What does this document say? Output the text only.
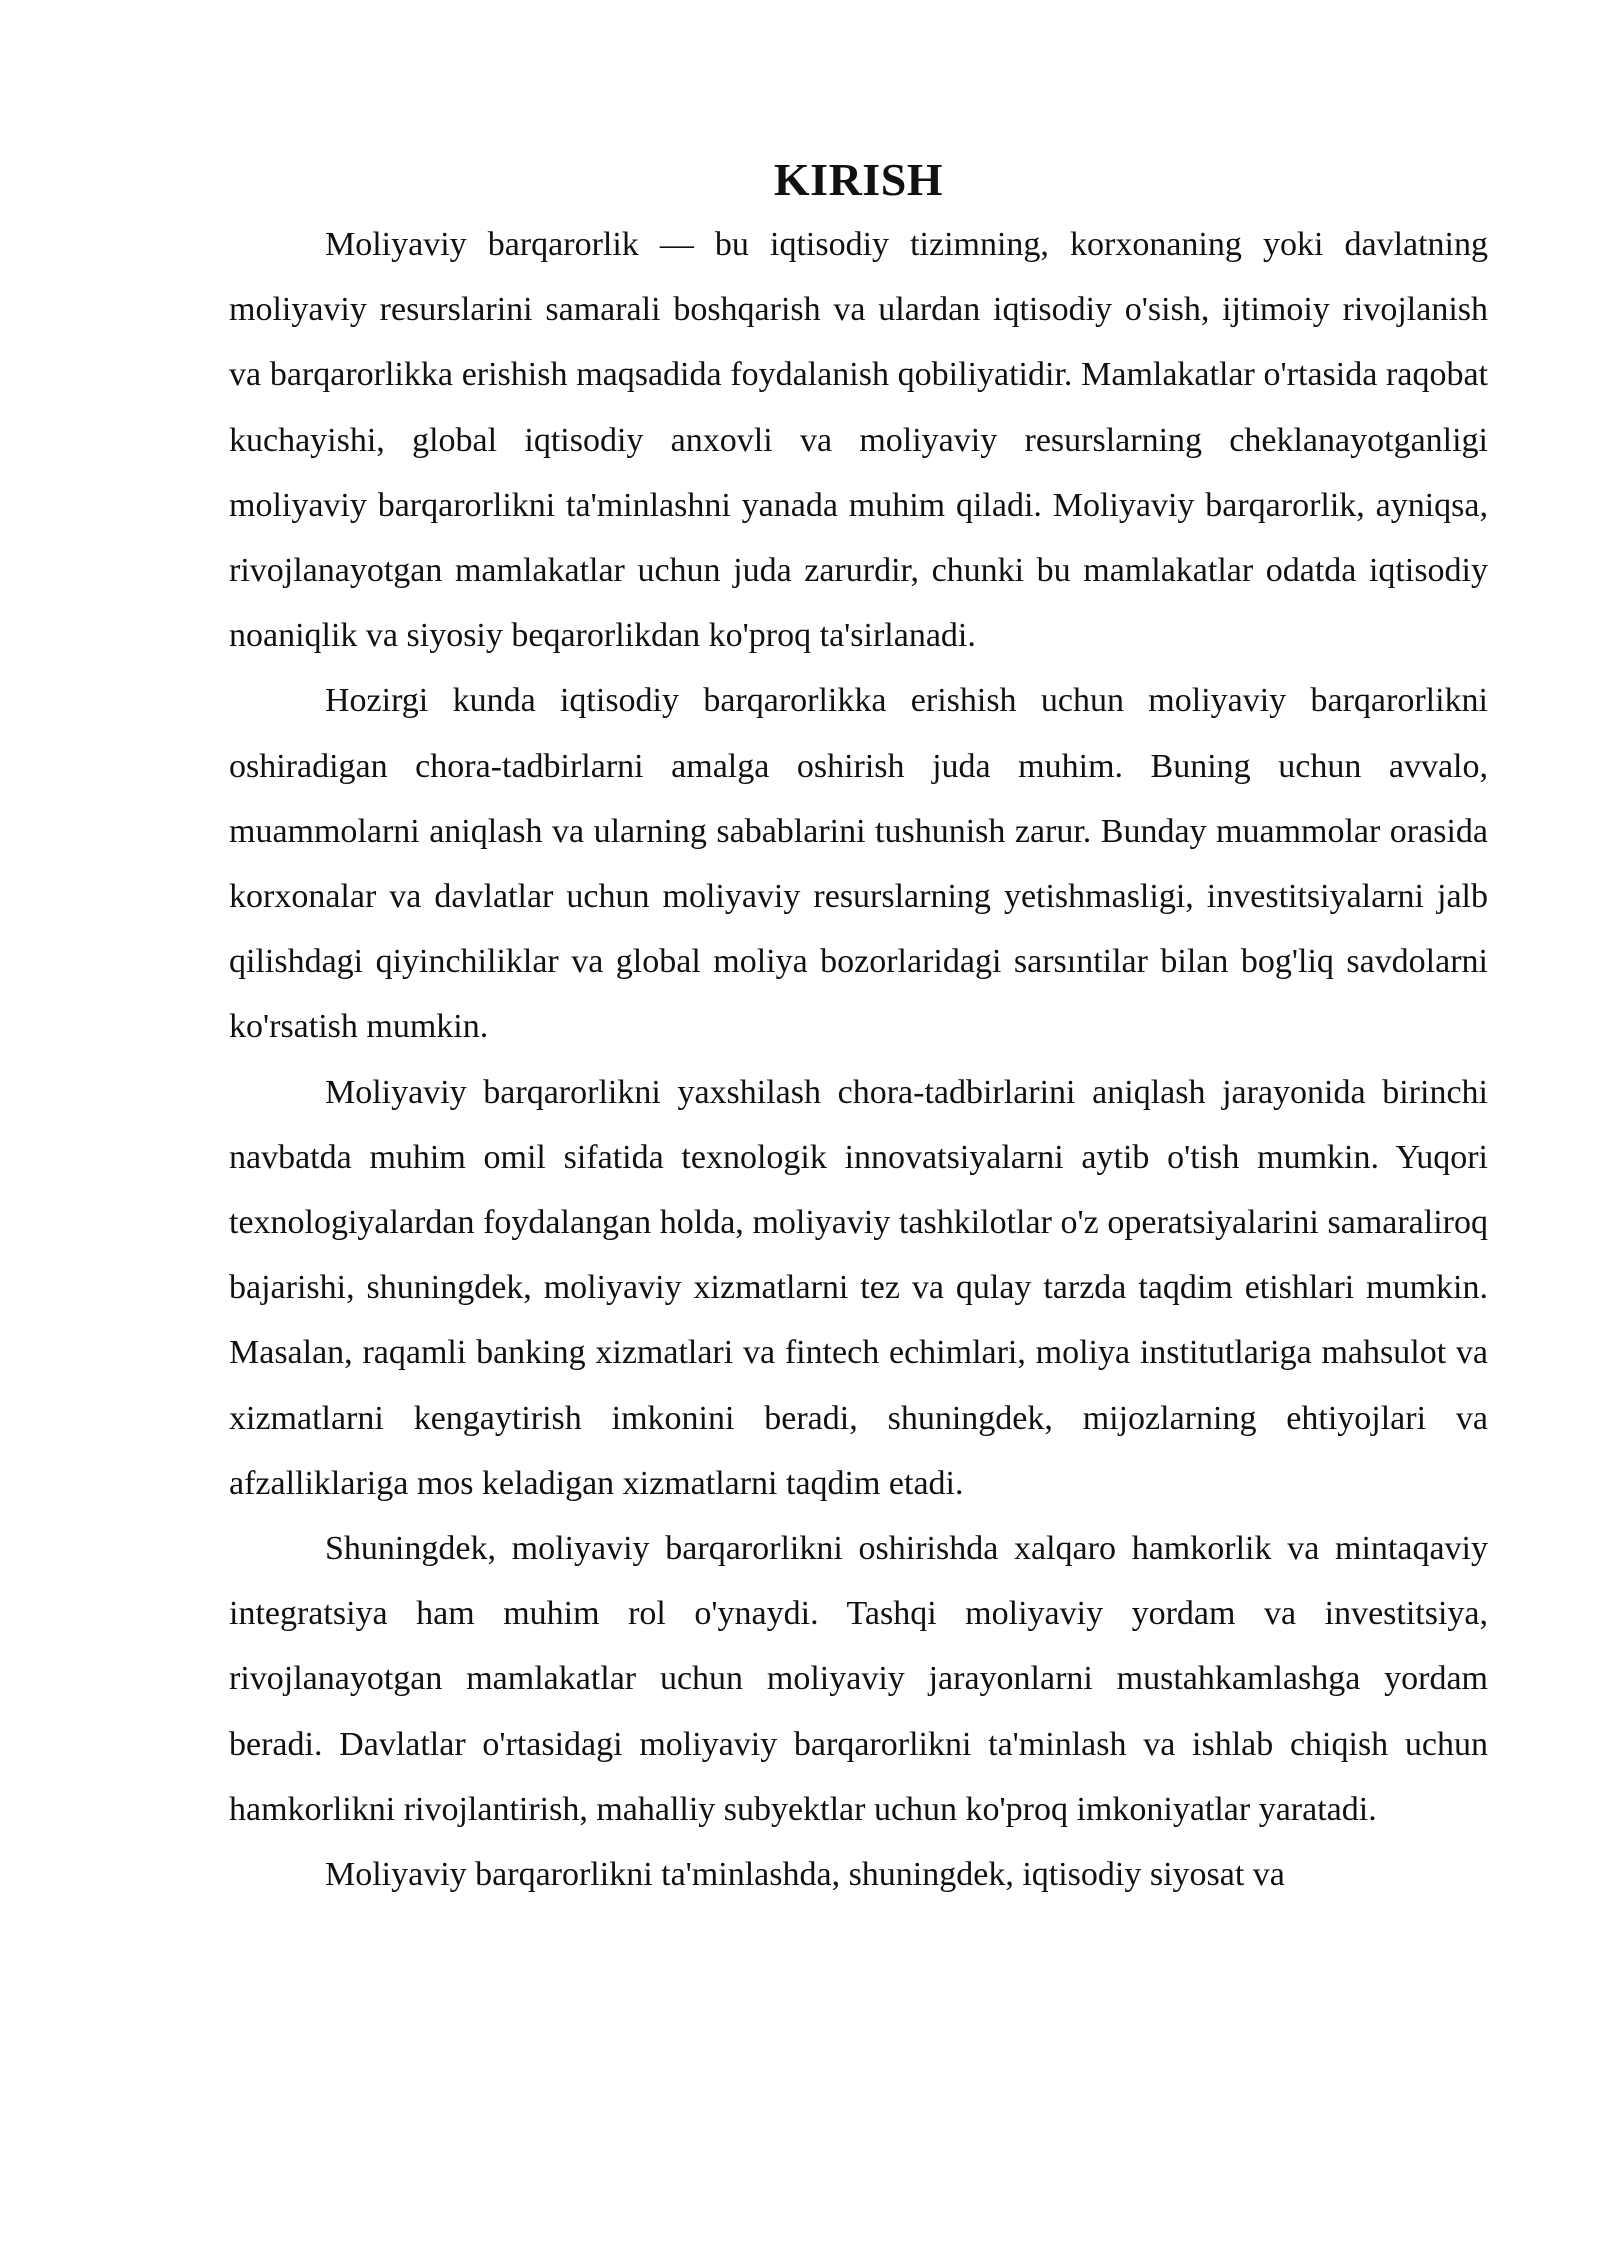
KIRISH

Moliyaviy barqarorlik — bu iqtisodiy tizimning, korxonaning yoki davlatning moliyaviy resurslarini samarali boshqarish va ulardan iqtisodiy o'sish, ijtimoiy rivojlanish va barqarorlikka erishish maqsadida foydalanish qobiliyatidir. Mamlakatlar o'rtasida raqobat kuchayishi, global iqtisodiy anxovli va moliyaviy resurslarning cheklanayotganligi moliyaviy barqarorlikni ta'minlashni yanada muhim qiladi. Moliyaviy barqarorlik, ayniqsa, rivojlanayotgan mamlakatlar uchun juda zarurdir, chunki bu mamlakatlar odatda iqtisodiy noaniqlik va siyosiy beqarorlikdan ko'proq ta'sirlanadi.

Hozirgi kunda iqtisodiy barqarorlikka erishish uchun moliyaviy barqarorlikni oshiradigan chora-tadbirlarni amalga oshirish juda muhim. Buning uchun avvalo, muammolarni aniqlash va ularning sabablarini tushunish zarur. Bunday muammolar orasida korxonalar va davlatlar uchun moliyaviy resurslarning yetishmasligi, investitsiyalarni jalb qilishdagi qiyinchiliklar va global moliya bozorlaridagi sarsıntilar bilan bog'liq savdolarni ko'rsatish mumkin.

Moliyaviy barqarorlikni yaxshilash chora-tadbirlarini aniqlash jarayonida birinchi navbatda muhim omil sifatida texnologik innovatsiyalarni aytib o'tish mumkin. Yuqori texnologiyalardan foydalangan holda, moliyaviy tashkilotlar o'z operatsiyalarini samaraliroq bajarishi, shuningdek, moliyaviy xizmatlarni tez va qulay tarzda taqdim etishlari mumkin. Masalan, raqamli banking xizmatlari va fintech echimlari, moliya institutlariga mahsulot va xizmatlarni kengaytirish imkonini beradi, shuningdek, mijozlarning ehtiyojlari va afzalliklariga mos keladigan xizmatlarni taqdim etadi.

Shuningdek, moliyaviy barqarorlikni oshirishda xalqaro hamkorlik va mintaqaviy integratsiya ham muhim rol o'ynaydi. Tashqi moliyaviy yordam va investitsiya, rivojlanayotgan mamlakatlar uchun moliyaviy jarayonlarni mustahkamlashga yordam beradi. Davlatlar o'rtasidagi moliyaviy barqarorlikni ta'minlash va ishlab chiqish uchun hamkorlikni rivojlantirish, mahalliy subyektlar uchun ko'proq imkoniyatlar yaratadi.

Moliyaviy barqarorlikni ta'minlashda, shuningdek, iqtisodiy siyosat va
